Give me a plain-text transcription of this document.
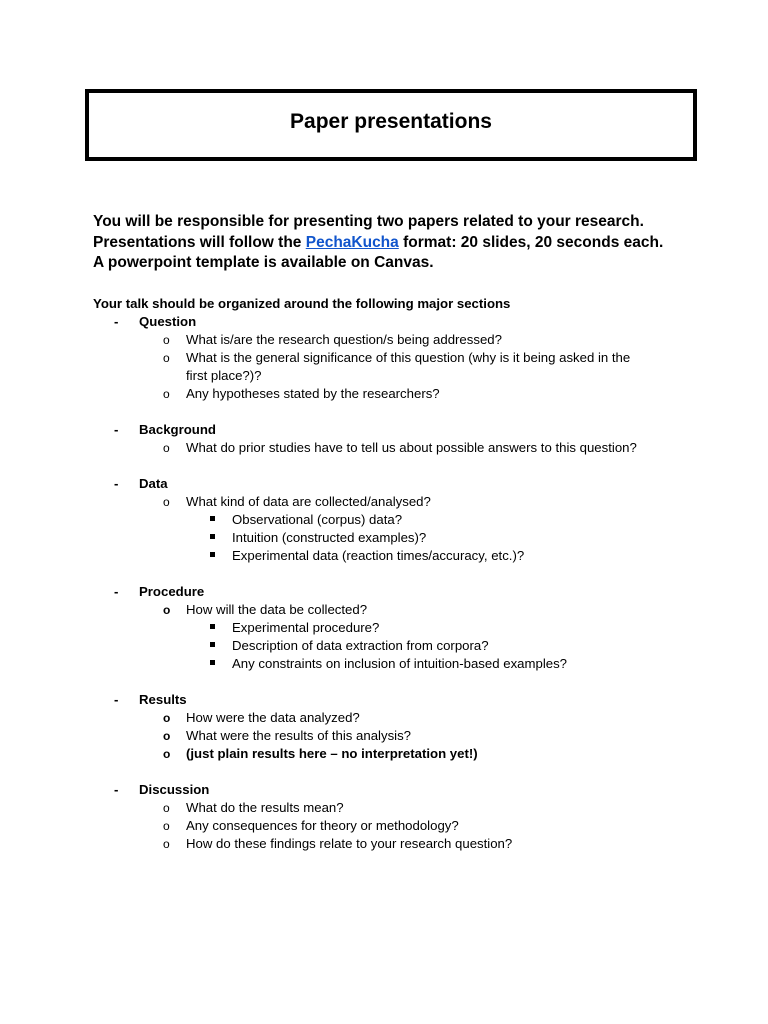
Paper presentations
You will be responsible for presenting two papers related to your research.
Presentations will follow the PechaKucha format: 20 slides, 20 seconds each.
A powerpoint template is available on Canvas.
Your talk should be organized around the following major sections
- Question
o What is/are the research question/s being addressed?
o What is the general significance of this question (why is it being asked in the
first place?)?
o Any hypotheses stated by the researchers?
- Background
o What do prior studies have to tell us about possible answers to this question?
- Data
o What kind of data are collected/analysed?
Observational (corpus) data?
Intuition (constructed examples)?
Experimental data (reaction times/accuracy, etc.)?
- Procedure
o How will the data be collected?
Experimental procedure?
Description of data extraction from corpora?
Any constraints on inclusion of intuition-based examples?
- Results
o How were the data analyzed?
o What were the results of this analysis?
o (just plain results here – no interpretation yet!)
- Discussion
o What do the results mean?
o Any consequences for theory or methodology?
o How do these findings relate to your research question?
